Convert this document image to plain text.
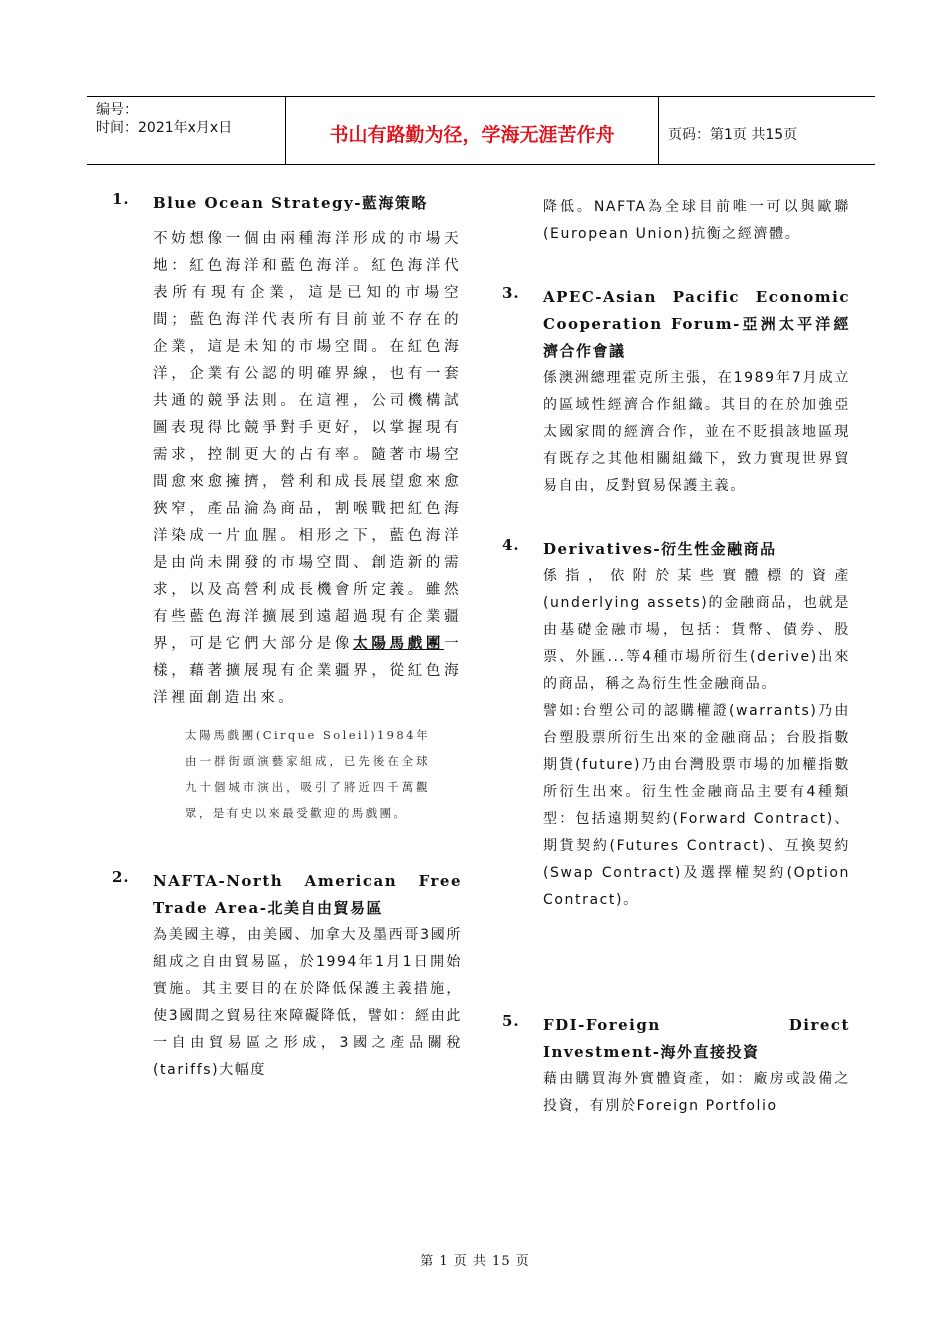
编号：
时间：2021年x月x日	书山有路勤为径，学海无涯苦作舟	页码：第1页 共15页
1. Blue Ocean Strategy-藍海策略
不妨想像一個由兩種海洋形成的市場天地：紅色海洋和藍色海洋。紅色海洋代表所有現有企業，這是已知的市場空間；藍色海洋代表所有目前並不存在的企業，這是未知的市場空間。在紅色海洋，企業有公認的明確界線，也有一套共通的競爭法則。在這裡，公司機構試圖表現得比競爭對手更好，以掌握現有需求，控制更大的占有率。隨著市場空間愈來愈擁擠，營利和成長展望愈來愈狹窄，產品淪為商品，割喉戰把紅色海洋染成一片血腥。相形之下，藍色海洋是由尚未開發的市場空間、創造新的需求，以及高營利成長機會所定義。雖然有些藍色海洋擴展到遠超過現有企業疆界，可是它們大部分是像太陽馬戲團一樣，藉著擴展現有企業疆界，從紅色海洋裡面創造出來。
太陽馬戲團(Cirque Soleil)1984年由一群街頭演藝家組成，已先後在全球九十個城市演出，吸引了將近四千萬觀眾，是有史以來最受歡迎的馬戲團。
2. NAFTA-North American Free Trade Area-北美自由貿易區
為美國主導，由美國、加拿大及墨西哥3國所組成之自由貿易區，於1994年1月1日開始實施。其主要目的在於降低保護主義措施，使3國間之貿易往來障礙降低，譬如：經由此一自由貿易區之形成，3國之產品關稅(tariffs)大幅度
降低。NAFTA為全球目前唯一可以與歐聯(European Union)抗衡之經濟體。
3. APEC-Asian Pacific Economic Cooperation Forum-亞洲太平洋經濟合作會議
係澳洲總理霍克所主張，在1989年7月成立的區域性經濟合作組織。其目的在於加強亞太國家間的經濟合作，並在不貶損該地區現有既存之其他相關組織下，致力實現世界貿易自由，反對貿易保護主義。
4. Derivatives-衍生性金融商品
係指，依附於某些實體標的資產(underlying assets)的金融商品，也就是由基礎金融市場，包括：貨幣、債券、股票、外匯...等4種市場所衍生(derive)出來的商品，稱之為衍生性金融商品。
譬如:台塑公司的認購權證(warrants)乃由台塑股票所衍生出來的金融商品；台股指數期貨(future)乃由台灣股票市場的加權指數所衍生出來。衍生性金融商品主要有4種類型：包括遠期契約(Forward Contract)、期貨契約(Futures Contract)、互換契約(Swap Contract)及選擇權契約(Option Contract)。
5. FDI-Foreign Direct Investment-海外直接投資
藉由購買海外實體資產，如：廠房或設備之投資，有別於Foreign Portfolio
第 1 页 共 15 页
